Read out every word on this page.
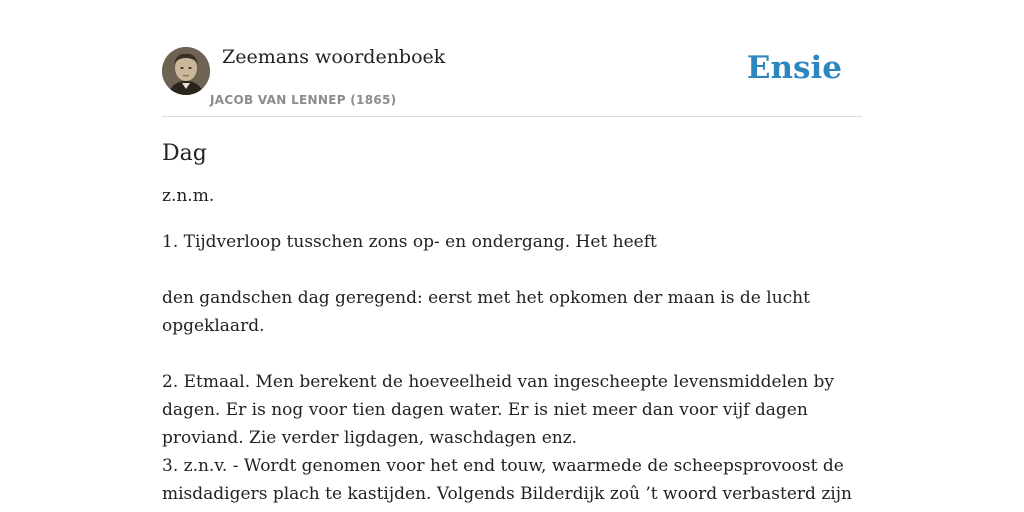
Zeemans woordenboek
JACOB VAN LENNEP (1865)
Ensie
Dag

z.n.m.

1. Tijdverloop tusschen zons op- en ondergang. Het heeft
den gandschen dag geregend: eerst met het opkomen der maan is de lucht
opgeklaard.
2. Etmaal. Men berekent de hoeveelheid van ingescheepte levensmiddelen by
dagen. Er is nog voor tien dagen water. Er is niet meer dan voor vijf dagen
proviand. Zie verder ligdagen, waschdagen enz.
3. z.n.v. - Wordt genomen voor het end touw, waarmede de scheepsprovoost de
misdadigers plach te kastijden. Volgends Bilderdijk zoû ’t woord verbasterd zijn
